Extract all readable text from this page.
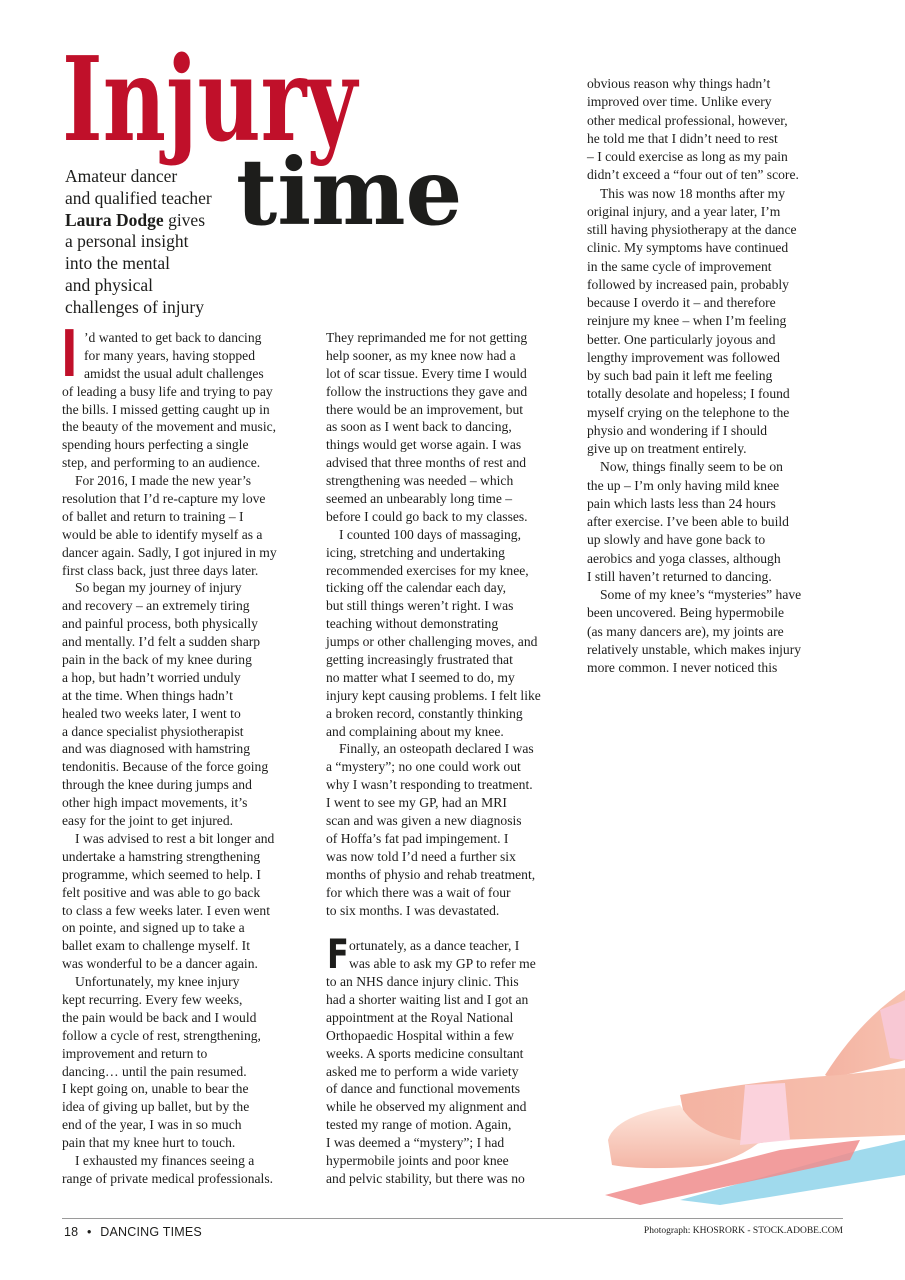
Injury
time
Amateur dancer
and qualified teacher
Laura Dodge gives
a personal insight
into the mental
and physical
challenges of injury
I ’d wanted to get back to dancing
for many years, having stopped
amidst the usual adult challenges
of leading a busy life and trying to pay
the bills. I missed getting caught up in
the beauty of the movement and music,
spending hours perfecting a single
step, and performing to an audience.
For 2016, I made the new year’s
resolution that I’d re-capture my love
of ballet and return to training – I
would be able to identify myself as a
dancer again. Sadly, I got injured in my
first class back, just three days later.
So began my journey of injury
and recovery – an extremely tiring
and painful process, both physically
and mentally. I’d felt a sudden sharp
pain in the back of my knee during
a hop, but hadn’t worried unduly
at the time. When things hadn’t
healed two weeks later, I went to
a dance specialist physiotherapist
and was diagnosed with hamstring
tendonitis. Because of the force going
through the knee during jumps and
other high impact movements, it’s
easy for the joint to get injured.
I was advised to rest a bit longer and
undertake a hamstring strengthening
programme, which seemed to help. I
felt positive and was able to go back
to class a few weeks later. I even went
on pointe, and signed up to take a
ballet exam to challenge myself. It
was wonderful to be a dancer again.
Unfortunately, my knee injury
kept recurring. Every few weeks,
the pain would be back and I would
follow a cycle of rest, strengthening,
improvement and return to
dancing… until the pain resumed.
I kept going on, unable to bear the
idea of giving up ballet, but by the
end of the year, I was in so much
pain that my knee hurt to touch.
I exhausted my finances seeing a
range of private medical professionals.
They reprimanded me for not getting
help sooner, as my knee now had a
lot of scar tissue. Every time I would
follow the instructions they gave and
there would be an improvement, but
as soon as I went back to dancing,
things would get worse again. I was
advised that three months of rest and
strengthening was needed – which
seemed an unbearably long time –
before I could go back to my classes.
I counted 100 days of massaging,
icing, stretching and undertaking
recommended exercises for my knee,
ticking off the calendar each day,
but still things weren’t right. I was
teaching without demonstrating
jumps or other challenging moves, and
getting increasingly frustrated that
no matter what I seemed to do, my
injury kept causing problems. I felt like
a broken record, constantly thinking
and complaining about my knee.
Finally, an osteopath declared I was
a “mystery”; no one could work out
why I wasn’t responding to treatment.
I went to see my GP, had an MRI
scan and was given a new diagnosis
of Hoffa’s fat pad impingement. I
was now told I’d need a further six
months of physio and rehab treatment,
for which there was a wait of four
to six months. I was devastated.
F ortunately, as a dance teacher, I
was able to ask my GP to refer me
to an NHS dance injury clinic. This
had a shorter waiting list and I got an
appointment at the Royal National
Orthopaedic Hospital within a few
weeks. A sports medicine consultant
asked me to perform a wide variety
of dance and functional movements
while he observed my alignment and
tested my range of motion. Again,
I was deemed a “mystery”; I had
hypermobile joints and poor knee
and pelvic stability, but there was no
obvious reason why things hadn’t
improved over time. Unlike every
other medical professional, however,
he told me that I didn’t need to rest
– I could exercise as long as my pain
didn’t exceed a “four out of ten” score.
This was now 18 months after my
original injury, and a year later, I’m
still having physiotherapy at the dance
clinic. My symptoms have continued
in the same cycle of improvement
followed by increased pain, probably
because I overdo it – and therefore
reinjure my knee – when I’m feeling
better. One particularly joyous and
lengthy improvement was followed
by such bad pain it left me feeling
totally desolate and hopeless; I found
myself crying on the telephone to the
physio and wondering if I should
give up on treatment entirely.
Now, things finally seem to be on
the up – I’m only having mild knee
pain which lasts less than 24 hours
after exercise. I’ve been able to build
up slowly and have gone back to
aerobics and yoga classes, although
I still haven’t returned to dancing.
Some of my knee’s “mysteries” have
been uncovered. Being hypermobile
(as many dancers are), my joints are
relatively unstable, which makes injury
more common. I never noticed this
18 • DANCING TIMES	Photograph: KHOSRORK - STOCK.ADOBE.COM
